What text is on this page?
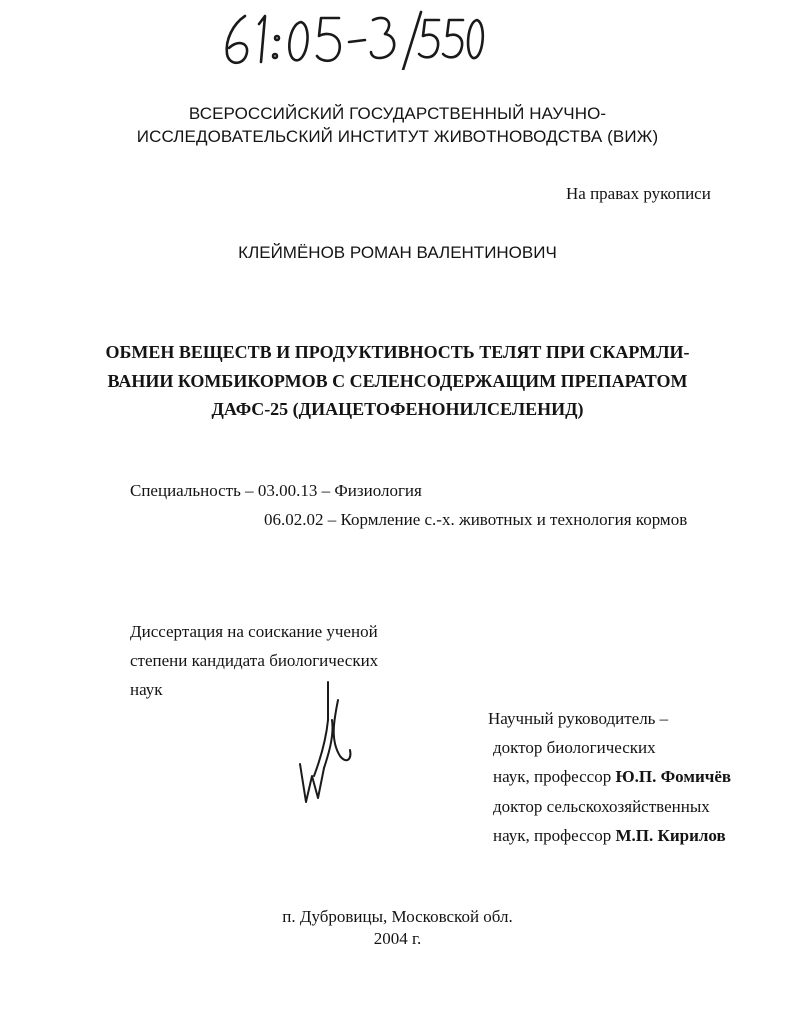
ВСЕРОССИЙСКИЙ ГОСУДАРСТВЕННЫЙ НАУЧНО-
ИССЛЕДОВАТЕЛЬСКИЙ ИНСТИТУТ ЖИВОТНОВОДСТВА (ВИЖ)
На правах рукописи
КЛЕЙМЁНОВ РОМАН ВАЛЕНТИНОВИЧ
ОБМЕН ВЕЩЕСТВ И ПРОДУКТИВНОСТЬ ТЕЛЯТ ПРИ СКАРМЛИ-
ВАНИИ КОМБИКОРМОВ С СЕЛЕНСОДЕРЖАЩИМ ПРЕПАРАТОМ
ДАФС-25 (ДИАЦЕТОФЕНОНИЛСЕЛЕНИД)
Специальность – 03.00.13 – Физиология
06.02.02 – Кормление с.-х. животных и технология кормов
Диссертация на соискание ученой
степени кандидата биологических
наук
Научный руководитель –
доктор биологических
наук, профессор Ю.П. Фомичёв
доктор сельскохозяйственных
наук, профессор М.П. Кирилов
п. Дубровицы, Московской обл.
2004 г.
